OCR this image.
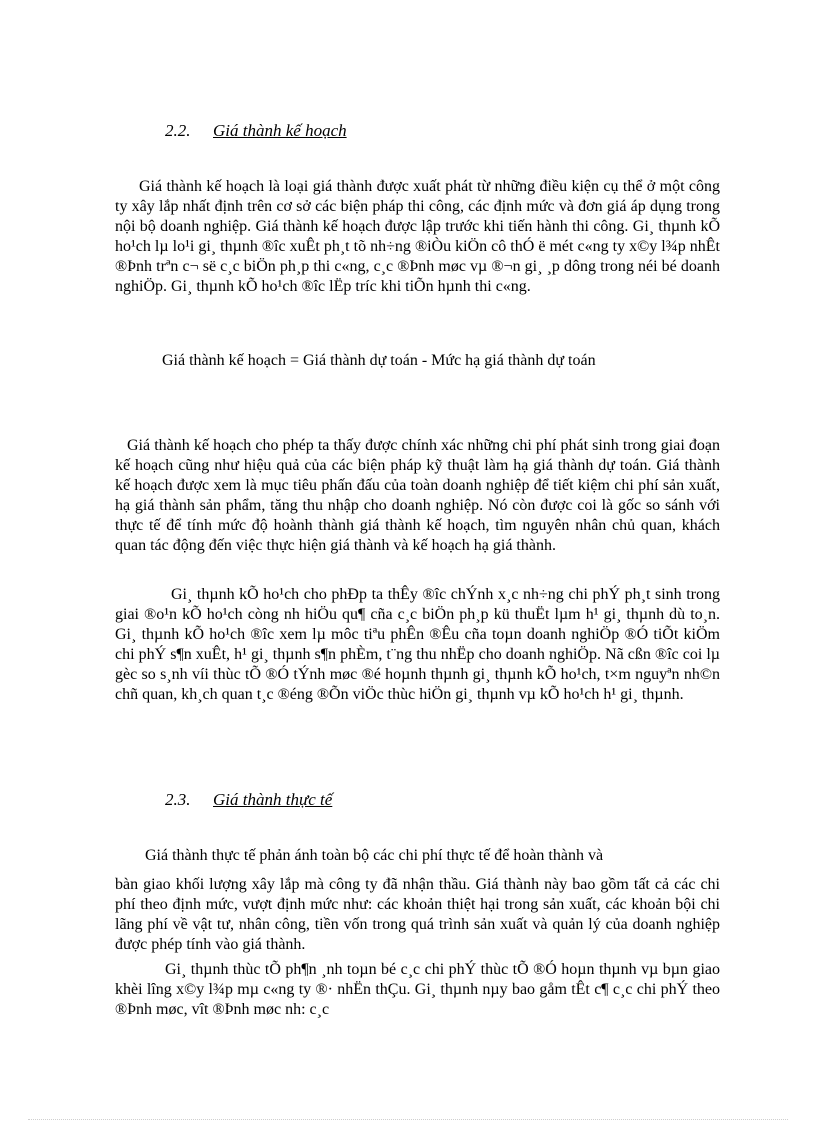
2.2. Giá thành kế hoạch

Giá thành kế hoạch là loại giá thành được xuất phát từ những điều kiện cụ thể ở một công ty xây lắp nhất định trên cơ sở các biện pháp thi công, các định mức và đơn giá áp dụng trong nội bộ doanh nghiệp. Giá thành kế hoạch được lập trước khi tiến hành thi công. Gi¸ thµnh kÕ ho¹ch lµ lo¹i gi¸ thµnh ®îc xuÊt ph¸t tõ nh÷ng ®iÒu kiÖn cô thÓ ë mét c«ng ty x©y l¾p nhÊt ®Þnh trªn c¬ së c¸c biÖn ph¸p thi c«ng, c¸c ®Þnh møc vµ ®¬n gi¸ ¸p dông trong néi bé doanh nghiÖp. Gi¸ thµnh kÕ ho¹ch ®îc lËp tríc khi tiÕn hµnh thi c«ng.

Giá thành kế hoạch = Giá thành dự toán - Mức hạ giá thành dự toán

Giá thành kế hoạch cho phép ta thấy được chính xác những chi phí phát sinh trong giai đoạn kế hoạch cũng như hiệu quả của các biện pháp kỹ thuật làm hạ giá thành dự toán. Giá thành kế hoạch được xem là mục tiêu phấn đấu của toàn doanh nghiệp để tiết kiệm chi phí sản xuất, hạ giá thành sản phẩm, tăng thu nhập cho doanh nghiệp. Nó còn được coi là gốc so sánh với thực tế để tính mức độ hoành thành giá thành kế hoạch, tìm nguyên nhân chủ quan, khách quan tác động đến việc thực hiện giá thành và kế hoạch hạ giá thành.

Gi¸ thµnh kÕ ho¹ch cho phÐp ta thÊy ®îc chÝnh x¸c nh÷ng chi phÝ ph¸t sinh trong giai ®o¹n kÕ ho¹ch còng nh hiÖu qu¶ cña c¸c biÖn ph¸p kü thuËt lµm h¹ gi¸ thµnh dù to¸n. Gi¸ thµnh kÕ ho¹ch ®îc xem lµ môc tiªu phÊn ®Êu cña toµn doanh nghiÖp ®Ó tiÕt kiÖm chi phÝ s¶n xuÊt, h¹ gi¸ thµnh s¶n phÈm, t¨ng thu nhËp cho doanh nghiÖp. Nã cßn ®îc coi lµ gèc so s¸nh víi thùc tÕ ®Ó tÝnh møc ®é hoµnh thµnh gi¸ thµnh kÕ ho¹ch, t×m nguyªn nh©n chñ quan, kh¸ch quan t¸c ®éng ®Õn viÖc thùc hiÖn gi¸ thµnh vµ kÕ ho¹ch h¹ gi¸ thµnh.

2.3. Giá thành thực tế

Giá thành thực tế phản ánh toàn bộ các chi phí thực tế để hoàn thành và

bàn giao khối lượng xây lắp mà công ty đã nhận thầu. Giá thành này bao gồm tất cả các chi phí theo định mức, vượt định mức như: các khoản thiệt hại trong sản xuất, các khoản bội chi lãng phí về vật tư, nhân công, tiền vốn trong quá trình sản xuất và quản lý của doanh nghiệp được phép tính vào giá thành.

Gi¸ thµnh thùc tÕ ph¶n ¸nh toµn bé c¸c chi phÝ thùc tÕ ®Ó hoµn thµnh vµ bµn giao khèi lîng x©y l¾p mµ c«ng ty ®· nhËn thÇu. Gi¸ thµnh nµy bao gåm tÊt c¶ c¸c chi phÝ theo ®Þnh møc, vît ®Þnh møc nh: c¸c
